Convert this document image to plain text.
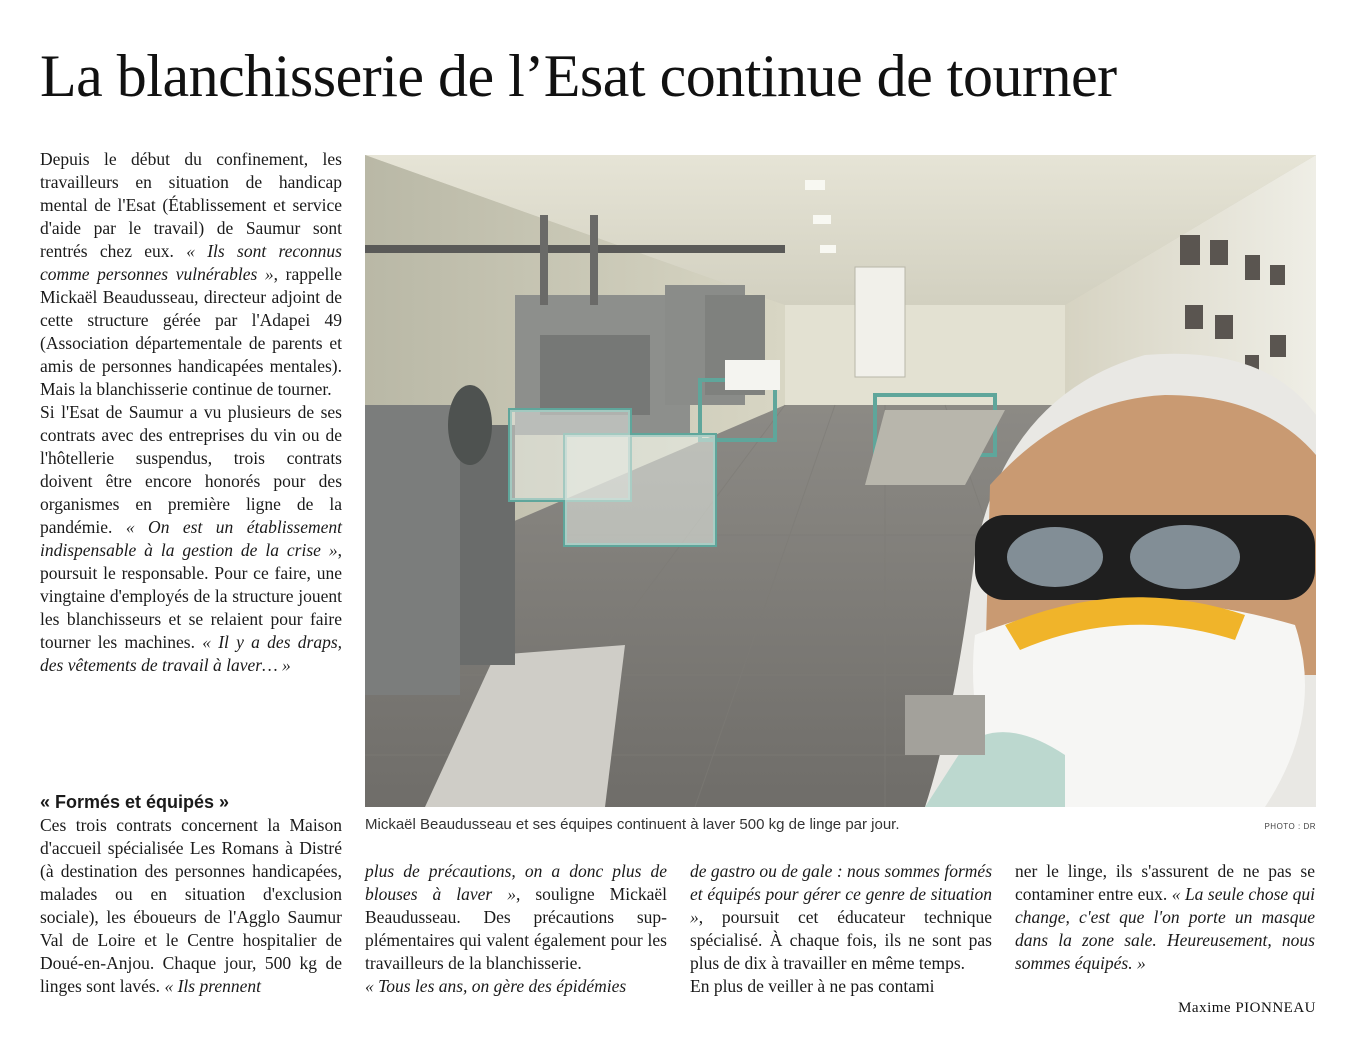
La blanchisserie de l’Esat continue de tourner

Depuis le début du confinement, les travailleurs en situation de handicap mental de l'Esat (Établissement et service d'aide par le travail) de Saumur sont rentrés chez eux. « Ils sont reconnus comme personnes vulnérables », rappelle Mickaël Beaudusseau, directeur adjoint de cette structure gérée par l'Adapei 49 (Association départementale de parents et amis de personnes handicapées mentales). Mais la blanchisserie continue de tourner.

Si l'Esat de Saumur a vu plusieurs de ses contrats avec des entreprises du vin ou de l'hôtellerie suspendus, trois contrats doivent être encore honorés pour des organismes en première ligne de la pandémie. « On est un établissement indispensable à la gestion de la crise », poursuit le responsable. Pour ce faire, une vingtaine d'employés de la structure jouent les blanchisseurs et se relaient pour faire tourner les machines. « Il y a des draps, des vêtements de travail à laver… »

« Formés et équipés »

Ces trois contrats concernent la Maison d'accueil spécialisée Les Romans à Distré (à destination des personnes handicapées, malades ou en situation d'exclusion sociale), les éboueurs de l'Agglo Saumur Val de Loire et le Centre hospitalier de Doué-en-Anjou. Chaque jour, 500 kg de linges sont lavés. « Ils prennent

Mickaël Beaudusseau et ses équipes continuent à laver 500 kg de linge par jour.	PHOTO : DR

plus de précautions, on a donc plus de blouses à laver », souligne Mickaël Beaudusseau. Des précautions supplémentaires qui valent également pour les travailleurs de la blanchisserie.

« Tous les ans, on gère des épidémies

de gastro ou de gale : nous sommes formés et équipés pour gérer ce genre de situation », poursuit cet éducateur technique spécialisé. À chaque fois, ils ne sont pas plus de dix à travailler en même temps.

En plus de veiller à ne pas contami

ner le linge, ils s'assurent de ne pas se contaminer entre eux. « La seule chose qui change, c'est que l'on porte un masque dans la zone sale. Heureusement, nous sommes équipés. »

Maxime PIONNEAU
